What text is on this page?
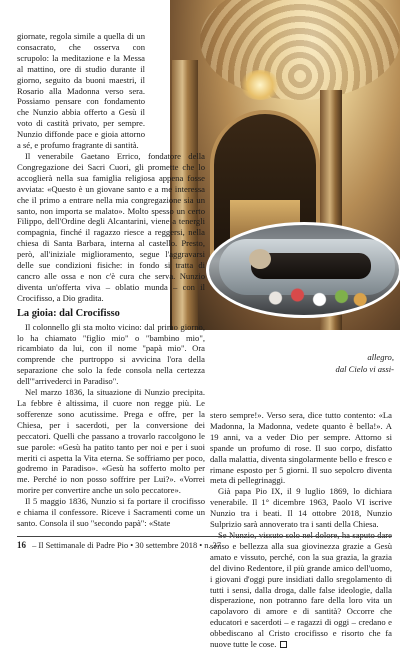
allegro,
dal Cielo vi assi-

giornate, regola simile a quella di un consacrato, che osserva con scrupolo: la meditazione e la Messa al mattino, ore di studio durante il giorno, seguito da buoni maestri, il Rosario alla Madonna verso sera. Possiamo pensare con fondamento che Nunzio abbia offerto a Gesù il voto di castità privato, per sempre. Nunzio diffonde pace e gioia attorno a sé, e profumo fragrante di santità.

Il venerabile Gaetano Errico, fondatore della Congregazione dei Sacri Cuori, gli promette che lo accoglierà nella sua famiglia religiosa appena fosse avviata: «Questo è un giovane santo e a me interessa che il primo a entrare nella mia congregazione sia un santo, non importa se malato». Molto spesso un certo Filippo, dell'Ordine degli Alcantarini, viene a tenergli compagnia, finché il ragazzo riesce a reggersi, nella chiesa di Santa Barbara, interna al castello. Presto, però, all'iniziale miglioramento, segue l'aggravarsi delle sue condizioni fisiche: in fondo si tratta di cancro alle ossa e non c'è cura che serva. Nunzio diventa un'offerta viva – oblatio munda – con il Crocifisso, a Dio gradita.

La gioia: dal Crocifisso

Il colonnello gli sta molto vicino: dal primo giorno, lo ha chiamato "figlio mio" o "bambino mio", ricambiato da lui, con il nome "papà mio". Ora comprende che purtroppo si avvicina l'ora della separazione che solo la fede consola nella certezza dell'"arrivederci in Paradiso".

Nel marzo 1836, la situazione di Nunzio precipita. La febbre è altissima, il cuore non regge più. Le sofferenze sono acutissime. Prega e offre, per la Chiesa, per i sacerdoti, per la conversione dei peccatori. Quelli che passano a trovarlo raccolgono le sue parole: «Gesù ha patito tanto per noi e per i suoi meriti ci aspetta la Vita eterna. Se soffriamo per poco, godremo in Paradiso». «Gesù ha sofferto molto per me. Perché io non posso soffrire per Lui?». «Vorrei morire per convertire anche un solo peccatore».

Il 5 maggio 1836, Nunzio si fa portare il crocifisso e chiama il confessore. Riceve i Sacramenti come un santo. Consola il suo "secondo papà": «State

stero sempre!». Verso sera, dice tutto contento: «La Madonna, la Madonna, vedete quanto è bella!». A 19 anni, va a veder Dio per sempre. Attorno si spande un profumo di rose. Il suo corpo, disfatto dalla malattia, diventa singolarmente bello e fresco e rimane esposto per 5 giorni. Il suo sepolcro diventa meta di pellegrinaggi.

Già papa Pio IX, il 9 luglio 1869, lo dichiara venerabile. Il 1° dicembre 1963, Paolo VI iscrive Nunzio tra i beati. Il 14 ottobre 2018, Nunzio Sulprizio sarà annoverato tra i santi della Chiesa.

Se Nunzio, vissuto solo nel dolore, ha saputo dare senso e bellezza alla sua giovinezza grazie a Gesù amato e vissuto, perché, con la sua grazia, la grazia del divino Redentore, il più grande amico dell'uomo, i giovani d'oggi pure insidiati dallo sregolamento di tutti i sensi, dalla droga, dalle false ideologie, dalla disperazione, non potranno fare della loro vita un capolavoro di amore e di santità? Occorre che educatori e sacerdoti – e ragazzi di oggi – credano e obbediscano al Cristo crocifisso e risorto che fa nuove tutte le cose.

16 – Il Settimanale di Padre Pio • 30 settembre 2018 • n. 37
